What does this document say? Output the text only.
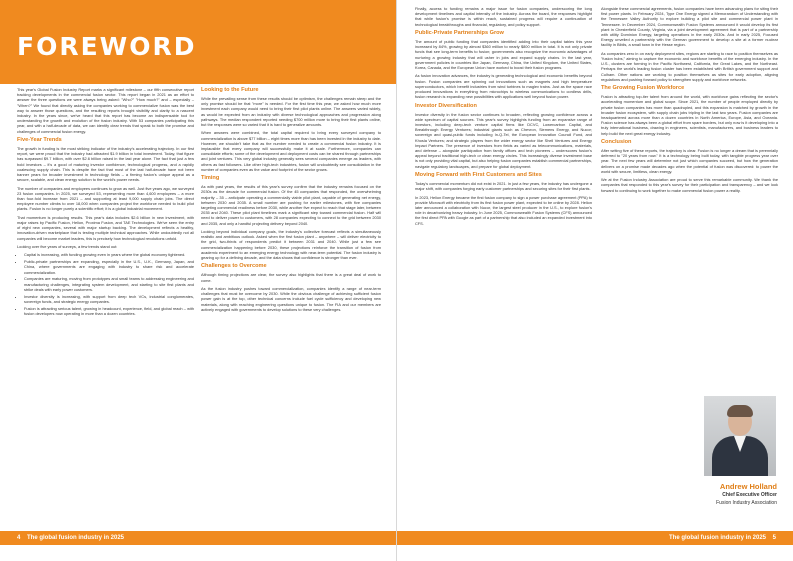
FOREWORD

This year's Global Fusion Industry Report marks a significant milestone – our fifth consecutive report tracking developments in the commercial fusion sector. This report began in 2021 as an effort to answer the three questions we were always being asked: "Who?" "How much?" and – especially – "When?" We found that directly asking the companies working to commercialize fusion was the best way to answer those questions, and the resulting reports brought visibility and clarity to a nascent industry. In the years since, we've heard that this report has become an indispensable tool for understanding the growth and evolution of the fusion industry. With 53 companies participating this year, and with a half-decade of data, we can identify clear trends that speak to both the promise and challenges of commercial fusion energy.

Five-Year Trends

The growth in funding is the most striking indicator of the industry's accelerating trajectory. In our first report, we were proud that the industry had attracted $1.9 billion in total investment. Today, that figure has surpassed $9.7 billion, with over $2.6 billion raised in the last year alone. The fact that just a few bold investors – it's a good of maturing investor confidence, technological progress, and a rapidly coalescing supply chain. This is despite the fact that most of the last half-decade have not been banner years for broader investment in technology fields – a firming fusion's unique appeal as a secure, scalable, and clean energy solution to the world's power needs.

The number of companies and employees continues to grow as well. Just five years ago, we surveyed 23 fusion companies. In 2025, we surveyed 53, representing more than 4,600 employees – a more than four-fold increase from 2021 – and supporting at least 9,000 supply chain jobs. The direct employee number climbs to over 18,000 when companies project the workforce needed to build pilot plants. Fusion is no longer purely a scientific effort; it is a global industrial movement.

That momentum is producing results. This year's data includes $2.6 billion in new investment, with major raises by Pacific Fusion, Helion, Proxima Fusion, and TAE Technologies. We've seen the entry of eight new companies, several with major startup backing. The development reflects a healthy, innovation-driven marketplace that is testing multiple technical approaches. While undoubtedly not all companies will become market leaders, this is precisely how technological revolutions unfold.

Looking over five years of surveys, a few trends stand out:

• Capital is increasing, with funding growing even in years where the global economy tightened.
• Public-private partnerships are expanding, especially in the U.S., U.K., Germany, Japan, and China, where governments are engaging with industry to share risk and accelerate commercialization.
• Companies are maturing, moving from prototypes and small teams to addressing engineering and manufacturing challenges, integrating system development, and starting to site first plants and strike deals with early power customers.
• Investor diversity is increasing, with support from deep tech VCs, industrial conglomerates, sovereign funds, and strategic energy companies.
• Fusion is attracting serious talent, growing in headcount, experience, field, and global reach – with fusion developers now operating in more than a dozen countries.
Looking to the Future

While the prevailing sense from these results should be optimism, the challenges remain steep and the only promise should be that "more" is needed. For the first time this year, we asked how much more investment each company would need to bring their first pilot plants online. The answers varied widely, as would be expected from an industry with diverse technological approaches and progression along pathways. The median respondent reported needing $700 million more to bring their first plants online, but the responses were so varied that it is hard to generalize amounts.

When answers were combined, the total capital required to bring every surveyed company to commercialization is above $77 billion – eight times more than has been invested in the industry to date. However, we shouldn't take that as the number needed to create a commercial fusion industry. It is implausible that every company will successfully make it at scale. Furthermore, companies can consolidate efforts; some of the development and deployment costs can be shared through partnerships and joint ventures. This very global industry generally sees several companies emerge as leaders, with others as fast followers. Like other high-tech industries, fusion will undoubtedly see consolidation in the number of companies even as the value and footprint of the sector grows.

Timing

As with past years, the results of this year's survey confirm that the industry remains focused on the 2030s as the decade for commercial fusion. Of the 45 companies that responded, the overwhelming majority – 35 – anticipate operating a commercially viable pilot plant, capable of generating net energy, between 2030 and 2035. A small number are pushing for earlier milestones, with five companies targeting commercial readiness before 2030, while another five expect to reach that stage later, between 2035 and 2040. These pilot plant timelines mark a significant step toward commercial fusion. Half will need to deliver power to customers, with 28 companies expecting to connect to the grid between 2030 and 2035, and only a handful projecting delivery beyond 2040.

Looking beyond individual company goals, the industry's collective forecast reflects a simultaneously realistic and ambitious outlook. Asked when the first fusion plant – anywhere – will deliver electricity to the grid, two-thirds of respondents predict it between 2031 and 2040. While just a few see commercialization happening before 2030, these projections reinforce the transition of fusion from academic experiment to an emerging energy technology with near-term potential. The fusion industry is gearing up for a defining decade, and the data shows that confidence is stronger than ever.

Challenges to Overcome

Although timing projections are clear, the survey also highlights that there is a great deal of work to come.

As the fusion industry pushes toward commercialization, companies identify a range of near-term challenges that must be overcome by 2030. While the obvious challenge of achieving sufficient fusion power gain is at the top, other technical concerns include fuel cycle sufficiency and developing new materials, along with reaching engineering questions unique to fusion. The FIA and our members are actively engaged with governments to develop solutions to these very challenges.

4 The global fusion industry in 2025

Finally, access to funding remains a major issue for fusion companies, underscoring the long development timelines and capital intensity of the industry. Across the board, the responses highlight that while fusion's promise is within reach, sustained progress will require a continuation of technological breakthroughs and financial, regulatory, and policy support.

Public-Private Partnerships Grow

The amount of public funding that companies identified adding into their capital tables this year increased by 84%, growing by almost $360 million to nearly $800 million in total. It is not only private funds that see long-term benefits to fusion; governments also recognize the economic advantages of nurturing a growing industry that will usher in jobs and expand supply chains. In the last year, government policies in countries like Japan, Germany, China, the United Kingdom, the United States, Korea, Canada, and the European Union have worked to boost their fusion programs.

As fusion innovation advances, the industry is generating technological and economic benefits beyond fusion. Fusion companies are spinning out innovations such as magnets and high temperature superconductors, which benefit industries from wind turbines to maglev trains. Just as the space race produced innovations in everything from microchips to wireless communications to cordless drills, fusion research is expanding new possibilities with applications well beyond fusion power.

Investor Diversification

Investor diversity in the fusion sector continues to broaden, reflecting growing confidence across a wide spectrum of capital sources. This year's survey highlights funding from an expansive range of investors, including deep-tech venture capital firms like DCVC, Lowercarbon Capital, and Breakthrough Energy Ventures; industrial giants such as Chevron, Siemens Energy, and Nucor; sovereign and quasi-public funds including In-Q-Tel, the European Innovation Council Fund, and Khosla Ventures; and strategic players from the wider energy sector like Shell Ventures and Energy Impact Partners. The presence of investors from fields as varied as telecommunications, materials, and defense – alongside participation from family offices and tech pioneers – underscores fusion's appeal beyond traditional high-tech or clean energy circles. This increasingly diverse investment base is not only providing vital capital, but also helping fusion companies establish commercial partnerships, navigate regulatory landscapes, and prepare for global deployment.

Moving Forward with First Customers and Sites

Today's commercial momentum did not exist in 2021. In just a few years, the industry has undergone a major shift, with companies forging early customer partnerships and securing sites for their first plants.

In 2023, Helion Energy became the first fusion company to sign a power purchase agreement (PPA) to provide Microsoft with electricity from its first fusion power plant, expected to be online by 2028. Helion later announced a collaboration with Nucor, the largest steel producer in the U.S., to explore fusion's role in decarbonizing heavy industry. In June 2025, Commonwealth Fusion Systems (CFS) announced the first direct PPA with Google as part of a partnership that also included an expanded investment into CFS.

Alongside these commercial agreements, fusion companies have been advancing plans for siting their first power plants. In February 2024, Type One Energy signed a Memorandum of Understanding with the Tennessee Valley Authority to explore building a pilot site and commercial power plant in Tennessee. In December 2024, Commonwealth Fusion Systems announced it would develop its first plant in Chesterfield County, Virginia, via a joint development agreement that is part of a partnership with utility Dominion Energy, targeting operations in the early 2030s. And in early 2025, Focused Energy unveiled a partnership with the German government to develop a site at a former nuclear facility in Biblis, a small town in the Hesse region.

As companies zero in on early deployment sites, regions are starting to race to position themselves as "fusion hubs," aiming to capture the economic and workforce benefits of the emerging industry. In the U.S., clusters are forming in the Pacific Northwest, California, the Great Lakes, and the Northeast. Perhaps the world's leading fusion cluster has been established with British government support and Culham. Other nations are working to position themselves as sites for early adoption, aligning regulations and pushing forward policy to strengthen supply and workforce networks.

The Growing Fusion Workforce

Fusion is attracting top-tier talent from around the world, with workforce gains reflecting the sector's accelerating momentum and global scope. Since 2021, the number of people employed directly by private fusion companies has more than quadrupled, and this expansion is matched by growth in the broader fusion ecosystem, with supply chain jobs tripling in the last two years. Fusion companies are headquartered across more than a dozen countries in North America, Europe, Asia, and Oceania. Fusion science has always been a global effort from spare borders, but only now is it developing into a truly international business, drawing in engineers, scientists, manufacturers, and business leaders to help build the next great energy industry.

Conclusion

After writing five of these reports, the trajectory is clear. Fusion is no longer a dream that is perennially deferred to "20 years from now." It is a technology being built today, with tangible progress year over year. The next few years will determine not just which companies succeed, but how the generation delivers on a promise made decades ago when the potential of fusion was discovered: to power the world with secure, limitless, clean energy.

We at the Fusion Industry Association are proud to serve this remarkable community. We thank the companies that responded to this year's survey for their participation and transparency – and we look forward to continuing to work together to make commercial fusion power a reality.

Andrew Holland
Chief Executive Officer
Fusion Industry Association
The global fusion industry in 2025 5
